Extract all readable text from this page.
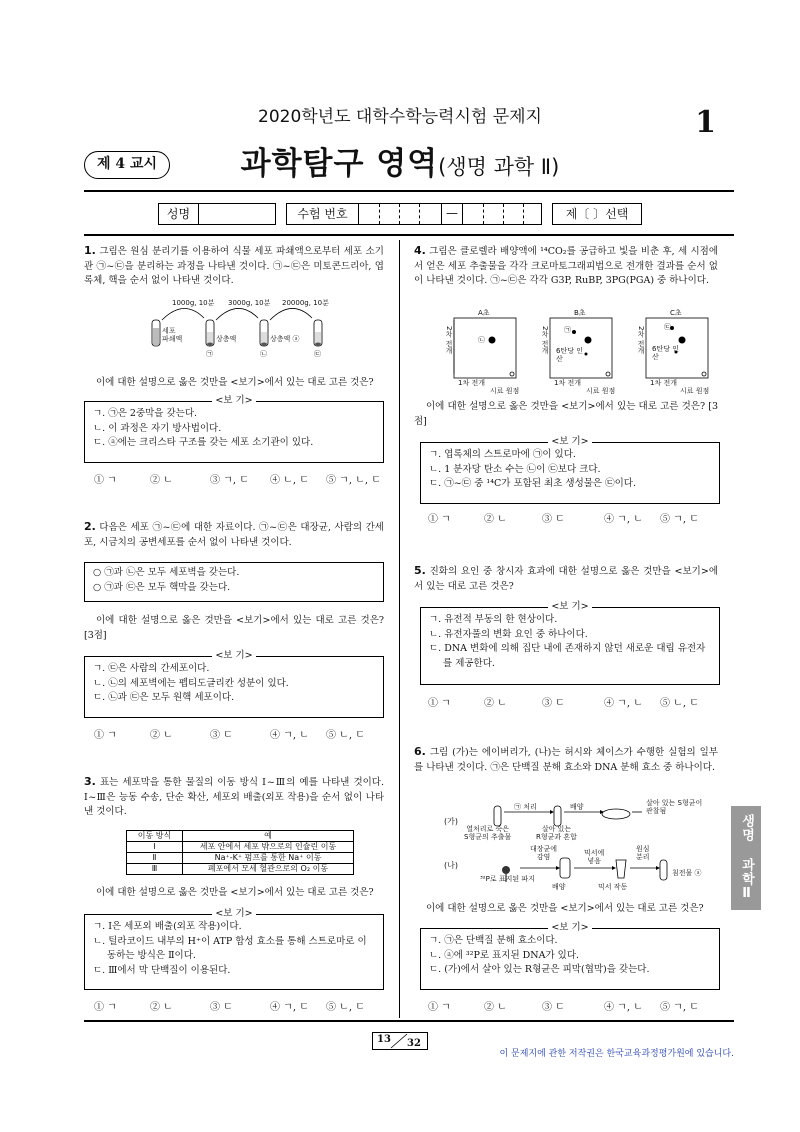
2020학년도 대학수학능력시험 문제지	1
제 4 교시	과학탐구 영역(생명 과학 Ⅱ)
성명	수험 번호	—	제〔 〕선택

1. 그림은 원심 분리기를 이용하여 식물 세포 파쇄액으로부터 세포 소기관 ㉠~㉢을 분리하는 과정을 나타낸 것이다. ㉠~㉢은 미토콘드리아, 엽록체, 핵을 순서 없이 나타낸 것이다.

1000g, 10분 3000g, 10분 20000g, 10분
세포
파쇄액	상층액	상층액 ⓐ
㉠	㉡	㉢

이에 대한 설명으로 옳은 것만을 <보기>에서 있는 대로 고른 것은?

<보 기>

ㄱ. ㉠은 2중막을 갖는다.

ㄴ. 이 과정은 자기 방사법이다.

ㄷ. ⓐ에는 크리스타 구조를 갖는 세포 소기관이 있다.

① ㄱ	② ㄴ	③ ㄱ, ㄷ ④ ㄴ, ㄷ ⑤ ㄱ, ㄴ, ㄷ

2. 다음은 세포 ㉠~㉢에 대한 자료이다. ㉠~㉢은 대장균, 사람의 간세포, 시금치의 공변세포를 순서 없이 나타낸 것이다.

○ ㉠과 ㉡은 모두 세포벽을 갖는다.

○ ㉠과 ㉢은 모두 핵막을 갖는다.

이에 대한 설명으로 옳은 것만을 <보기>에서 있는 대로 고른 것은? [3점]

<보 기>

ㄱ. ㉢은 사람의 간세포이다.

ㄴ. ㉡의 세포벽에는 펩티도글리칸 성분이 있다.

ㄷ. ㉡과 ㉢은 모두 원핵 세포이다.

① ㄱ	② ㄴ	③ ㄷ	④ ㄱ, ㄴ ⑤ ㄴ, ㄷ

3. 표는 세포막을 통한 물질의 이동 방식 Ⅰ~Ⅲ의 예를 나타낸 것이다. Ⅰ~Ⅲ은 능동 수송, 단순 확산, 세포외 배출(외포 작용)을 순서 없이 나타낸 것이다.

이동 방식	예
Ⅰ	세포 안에서 세포 밖으로의 인슐린 이동
Ⅱ	Na⁺-K⁺ 펌프를 통한 Na⁺ 이동
Ⅲ	폐포에서 모세 혈관으로의 O₂ 이동

이에 대한 설명으로 옳은 것만을 <보기>에서 있는 대로 고른 것은?

<보 기>

ㄱ. Ⅰ은 세포외 배출(외포 작용)이다.

ㄴ. 틸라코이드 내부의 H⁺이 ATP 합성 효소를 통해 스트로마로 이동하는 방식은 Ⅱ이다.

ㄷ. Ⅲ에서 막 단백질이 이용된다.

① ㄱ	② ㄴ	③ ㄷ	④ ㄱ, ㄷ ⑤ ㄴ, ㄷ

4. 그림은 클로렐라 배양액에 ¹⁴CO₂를 공급하고 빛을 비춘 후, 세 시점에서 얻은 세포 추출물을 각각 크로마토그래피법으로 전개한 결과를 순서 없이 나타낸 것이다. ㉠~㉢은 각각 G3P, RuBP, 3PG(PGA) 중 하나이다.

A초	B초	C초
㉡
㉠	㉢
2차 전개	2차 전개	2차 전개
6탄당 인산
6탄당 인산
1차 전개	1차 전개	1차 전개
시료 원점	시료 원점	시료 원점

이에 대한 설명으로 옳은 것만을 <보기>에서 있는 대로 고른 것은? [3점]

<보 기>

ㄱ. 엽록체의 스트로마에 ㉠이 있다.

ㄴ. 1 분자당 탄소 수는 ㉡이 ㉢보다 크다.

ㄷ. ㉠~㉢ 중 ¹⁴C가 포함된 최초 생성물은 ㉢이다.

① ㄱ	② ㄴ	③ ㄷ	④ ㄱ, ㄴ ⑤ ㄱ, ㄷ

5. 진화의 요인 중 창시자 효과에 대한 설명으로 옳은 것만을 <보기>에서 있는 대로 고른 것은?

<보 기>

ㄱ. 유전적 부동의 한 현상이다.

ㄴ. 유전자풀의 변화 요인 중 하나이다.

ㄷ. DNA 변화에 의해 집단 내에 존재하지 않던 새로운 대립 유전자를 제공한다.

① ㄱ	② ㄴ	③ ㄷ	④ ㄱ, ㄴ ⑤ ㄴ, ㄷ

6. 그림 (가)는 에이버리가, (나)는 허시와 체이스가 수행한 실험의 일부를 나타낸 것이다. ㉠은 단백질 분해 효소와 DNA 분해 효소 중 하나이다.

(가)
㉠ 처리	배양
열처리로 죽은
S형균의 추출물
살아 있는
R형균과 혼합
살아 있는 S형균이
관찰됨
(나)
대장균에
감염	믹서에
넣음
원심
분리
³²P로 표지된 파지
배양	믹서 작동
침전물 ⓐ

이에 대한 설명으로 옳은 것만을 <보기>에서 있는 대로 고른 것은?

<보 기>

ㄱ. ㉠은 단백질 분해 효소이다.

ㄴ. ⓐ에 ³²P로 표지된 DNA가 있다.

ㄷ. (가)에서 살아 있는 R형균은 피막(협막)을 갖는다.

① ㄱ	② ㄴ	③ ㄷ	④ ㄱ, ㄴ ⑤ ㄱ, ㄷ
생명 과학Ⅱ
13 32
이 문제지에 관한 저작권은 한국교육과정평가원에 있습니다.
